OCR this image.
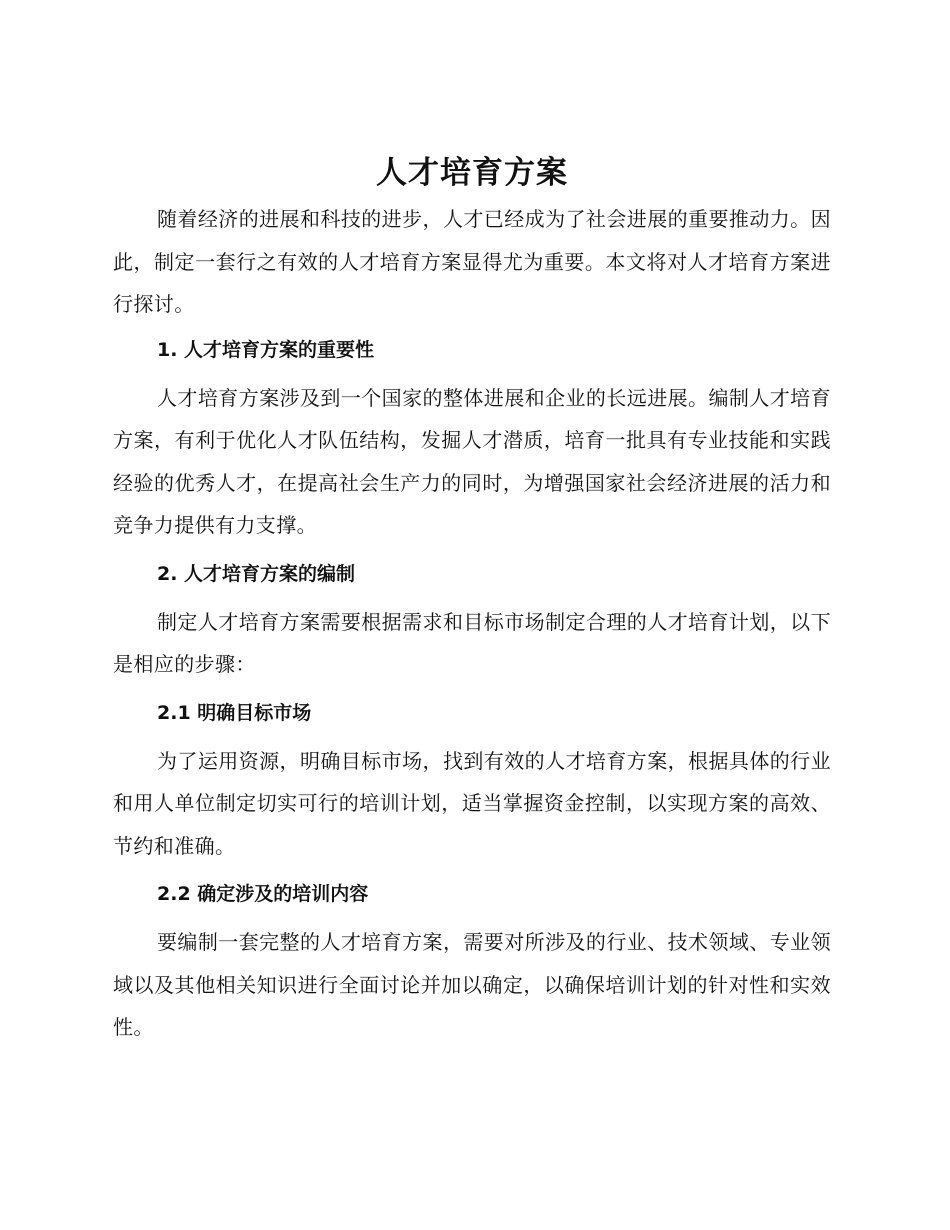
人才培育方案

随着经济的进展和科技的进步，人才已经成为了社会进展的重要推动力。因此，制定一套行之有效的人才培育方案显得尤为重要。本文将对人才培育方案进行探讨。

1. 人才培育方案的重要性

人才培育方案涉及到一个国家的整体进展和企业的长远进展。编制人才培育方案，有利于优化人才队伍结构，发掘人才潜质，培育一批具有专业技能和实践经验的优秀人才，在提高社会生产力的同时，为增强国家社会经济进展的活力和竞争力提供有力支撑。

2. 人才培育方案的编制

制定人才培育方案需要根据需求和目标市场制定合理的人才培育计划，以下是相应的步骤：

2.1 明确目标市场

为了运用资源，明确目标市场，找到有效的人才培育方案，根据具体的行业和用人单位制定切实可行的培训计划，适当掌握资金控制，以实现方案的高效、节约和准确。

2.2 确定涉及的培训内容

要编制一套完整的人才培育方案，需要对所涉及的行业、技术领域、专业领域以及其他相关知识进行全面讨论并加以确定，以确保培训计划的针对性和实效性。
